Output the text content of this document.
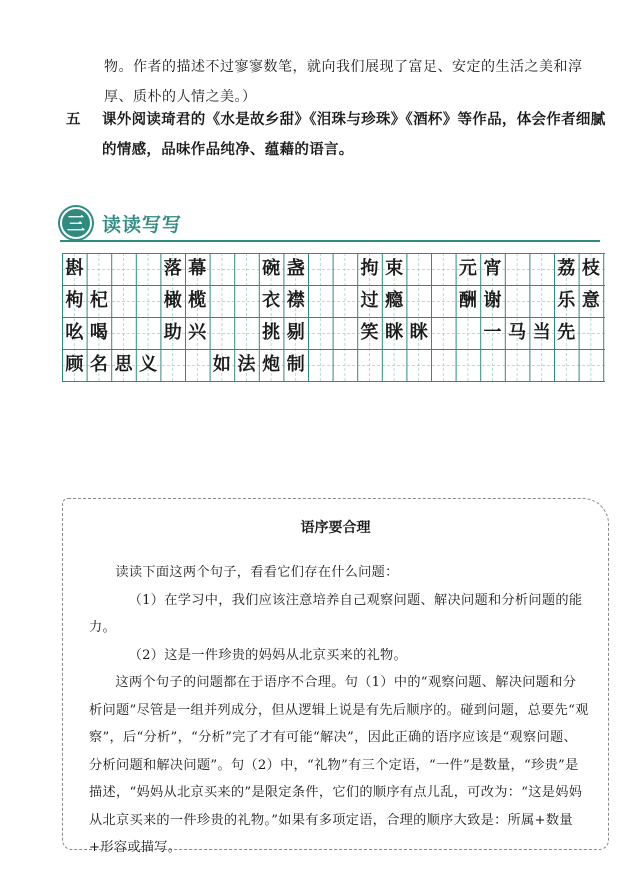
物。作者的描述不过寥寥数笔，就向我们展现了富足、安定的生活之美和淳厚、质朴的人情之美。）
五 课外阅读琦君的《水是故乡甜》《泪珠与珍珠》《酒杯》等作品，体会作者细腻的情感，品味作品纯净、蕴藉的语言。
三 读读写写
斟	落 幕	碗 盏	拘 束	元 宵	荔 枝
枸 杞	橄 榄	衣 襟	过 瘾	酬 谢	乐 意
吆 喝	助 兴	挑 剔	笑 眯 眯	一 马 当 先
顾 名 思 义	如 法 炮 制
语序要合理

读读下面这两个句子，看看它们存在什么问题：

（1）在学习中，我们应该注意培养自己观察问题、解决问题和分析问题的能力。

（2）这是一件珍贵的妈妈从北京买来的礼物。

这两个句子的问题都在于语序不合理。句（1）中的“观察问题、解决问题和分析问题”尽管是一组并列成分，但从逻辑上说是有先后顺序的。碰到问题，总要先“观察”，后“分析”，“分析”完了才有可能“解决”，因此正确的语序应该是“观察问题、分析问题和解决问题”。句（2）中，“礼物”有三个定语，“一件”是数量，“珍贵”是描述，“妈妈从北京买来的”是限定条件，它们的顺序有点儿乱，可改为：“这是妈妈从北京买来的一件珍贵的礼物。”如果有多项定语，合理的顺序大致是：所属+数量+形容或描写。
